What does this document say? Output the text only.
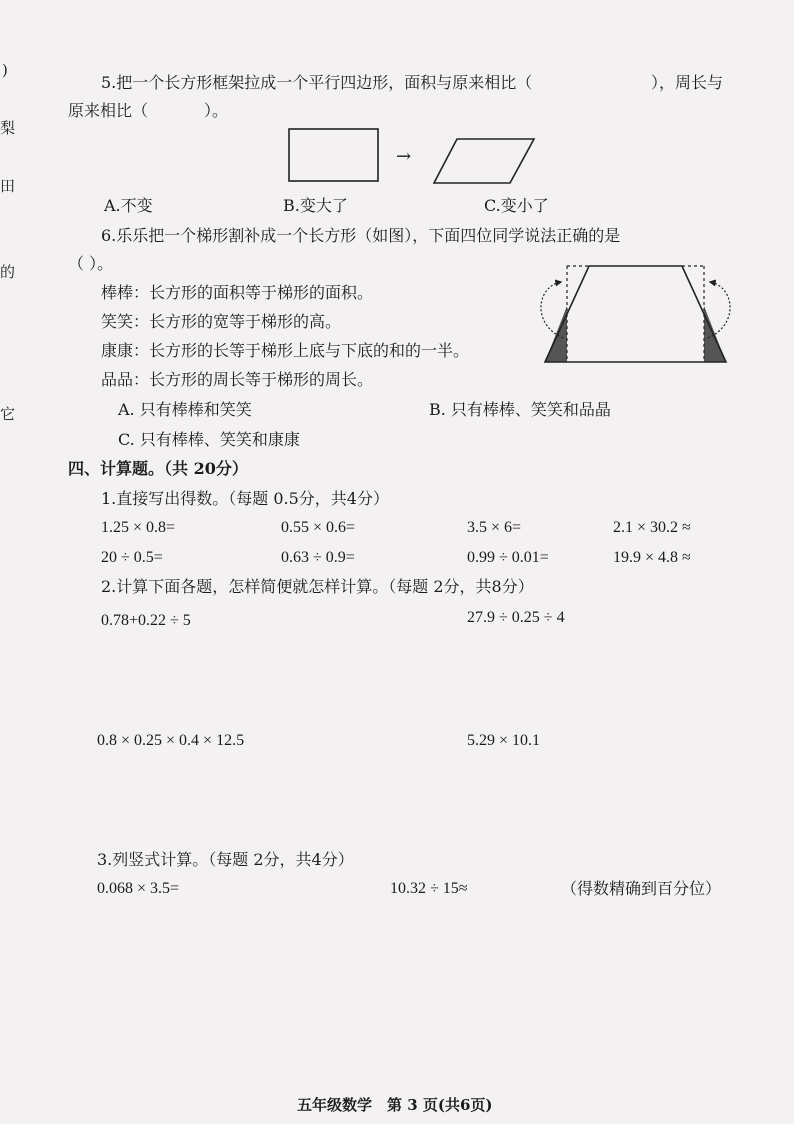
)
梨
田
的
它
5.把一个长方形框架拉成一个平行四边形，面积与原来相比（	），周长与
原来相比（	）。
→
A.不变	B.变大了	C.变小了
6.乐乐把一个梯形割补成一个长方形（如图），下面四位同学说法正确的是
（ ）。
棒棒：长方形的面积等于梯形的面积。
笑笑：长方形的宽等于梯形的高。
康康：长方形的长等于梯形上底与下底的和的一半。
品品：长方形的周长等于梯形的周长。
A. 只有棒棒和笑笑	B. 只有棒棒、笑笑和品晶
C. 只有棒棒、笑笑和康康
四、计算题。（共 20分）
1.直接写出得数。（每题 0.5分，共4分）
1.25 × 0.8=	0.55 × 0.6=	3.5 × 6=	2.1 × 30.2 ≈
20 ÷ 0.5=	0.63 ÷ 0.9=	0.99 ÷ 0.01=	19.9 × 4.8 ≈
2.计算下面各题，怎样简便就怎样计算。（每题 2分，共8分）
0.78+0.22 ÷ 5	27.9 ÷ 0.25 ÷ 4
0.8 × 0.25 × 0.4 × 12.5	5.29 × 10.1
3.列竖式计算。（每题 2分，共4分）
0.068 × 3.5=	10.32 ÷ 15≈	（得数精确到百分位）
五年级数学　第 3 页(共6页)
